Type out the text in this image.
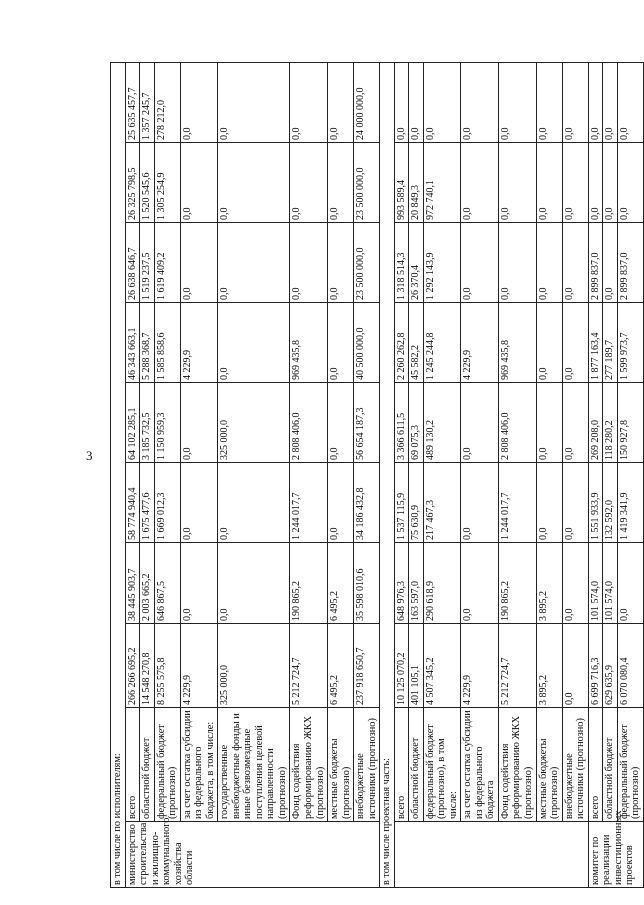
3
в том числе по исполнителям:									
министерство строительства и жилищно-коммунального хозяйства области	всего	266 266 695,2	38 445 903,7	58 774 940,4	64 102 285,1	46 343 663,1	26 638 646,7	26 325 798,5	25 635 457,7
	областной бюджет	14 548 270,8	2 003 665,2	1 675 477,6	3 185 732,5	5 288 368,7	1 519 237,5	1 520 545,6	1 357 245,7
	федеральный бюджет (прогнозно)	8 255 575,8	646 867,5	1 669 012,3	1 150 959,3	1 585 858,6	1 619 409,2	1 305 254,9	278 212,0
	за счет остатка субсидии из федерального бюджета, в том числе:	4 229,9	0,0	0,0	0,0	4 229,9	0,0	0,0	0,0
	государственные внебюджетные фонды и иные безвозмездные поступления целевой направленности (прогнозно)	325 000,0	0,0	0,0	325 000,0	0,0	0,0	0,0	0,0
	Фонд содействия реформированию ЖКХ (прогнозно)	5 212 724,7	190 865,2	1 244 017,7	2 808 406,0	969 435,8	0,0	0,0	0,0
	местные бюджеты (прогнозно)	6 495,2	6 495,2	0,0	0,0	0,0	0,0	0,0	0,0
	внебюджетные источники (прогнозно)	237 918 650,7	35 598 010,6	34 186 432,8	56 654 187,3	40 500 000,0	23 500 000,0	23 500 000,0	24 000 000,0
в том числе проектная часть:									
	всего	10 125 070,2	648 976,3	1 537 115,9	3 366 611,5	2 260 262,8	1 318 514,3	993 589,4	0,0
	областной бюджет	401 105,1	163 597,0	75 630,9	69 075,3	45 582,2	26 370,4	20 849,3	0,0
	федеральный бюджет (прогнозно), в том числе:	4 507 345,2	290 618,9	217 467,3	489 130,2	1 245 244,8	1 292 143,9	972 740,1	0,0
	за счет остатка субсидии из федерального бюджета	4 229,9	0,0	0,0	0,0	4 229,9	0,0	0,0	0,0
	Фонд содействия реформированию ЖКХ (прогнозно)	5 212 724,7	190 865,2	1 244 017,7	2 808 406,0	969 435,8	0,0	0,0	0,0
	местные бюджеты (прогнозно)	3 895,2	3 895,2	0,0	0,0	0,0	0,0	0,0	0,0
	внебюджетные источники (прогнозно)	0,0	0,0	0,0	0,0	0,0	0,0	0,0	0,0
комитет по реализации инвестиционных проектов	всего	6 699 716,3	101 574,0	1 551 933,9	269 208,0	1 877 163,4	2 899 837,0	0,0	0,0
	областной бюджет	629 635,9	101 574,0	132 592,0	118 280,2	277 189,7	0,0	0,0	0,0
	федеральный бюджет (прогнозно)	6 070 080,4	0,0	1 419 341,9	150 927,8	1 599 973,7	2 899 837,0	0,0	0,0
